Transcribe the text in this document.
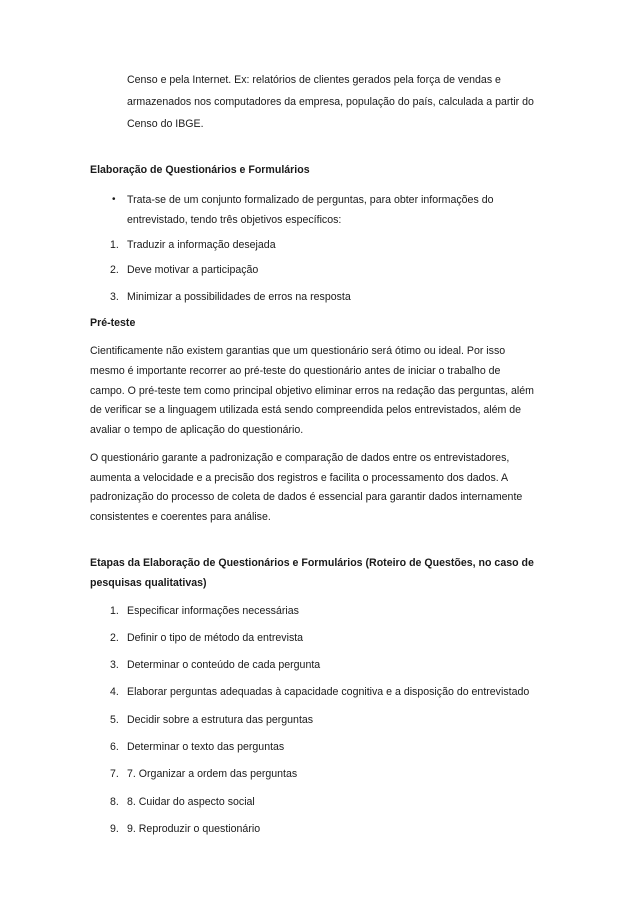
Censo e pela Internet. Ex: relatórios de clientes gerados pela força de vendas e
armazenados nos computadores da empresa, população do país, calculada a partir do
Censo do IBGE.
Elaboração de Questionários e Formulários
• Trata-se de um conjunto formalizado de perguntas, para obter informações do
entrevistado, tendo três objetivos específicos:
1. Traduzir a informação desejada
2. Deve motivar a participação
3. Minimizar a possibilidades de erros na resposta
Pré-teste
Cientificamente não existem garantias que um questionário será ótimo ou ideal. Por isso
mesmo é importante recorrer ao pré-teste do questionário antes de iniciar o trabalho de
campo. O pré-teste tem como principal objetivo eliminar erros na redação das perguntas, além
de verificar se a linguagem utilizada está sendo compreendida pelos entrevistados, além de
avaliar o tempo de aplicação do questionário.
O questionário garante a padronização e comparação de dados entre os entrevistadores,
aumenta a velocidade e a precisão dos registros e facilita o processamento dos dados. A
padronização do processo de coleta de dados é essencial para garantir dados internamente
consistentes e coerentes para análise.
Etapas da Elaboração de Questionários e Formulários (Roteiro de Questões, no caso de
pesquisas qualitativas)
1. Especificar informações necessárias
2. Definir o tipo de método da entrevista
3. Determinar o conteúdo de cada pergunta
4. Elaborar perguntas adequadas à capacidade cognitiva e a disposição do entrevistado
5. Decidir sobre a estrutura das perguntas
6. Determinar o texto das perguntas
7. 7. Organizar a ordem das perguntas
8. 8. Cuidar do aspecto social
9. 9. Reproduzir o questionário
